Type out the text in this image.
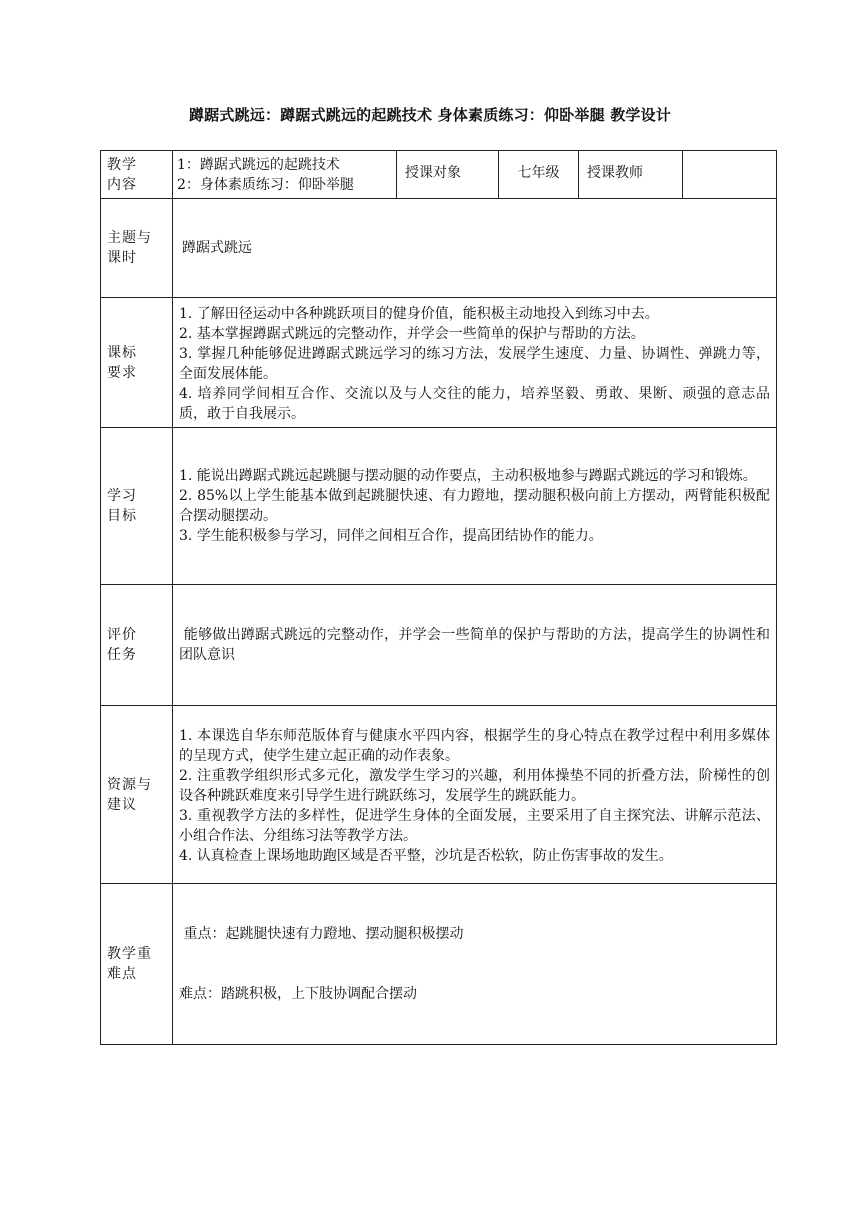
蹲踞式跳远：蹲踞式跳远的起跳技术 身体素质练习：仰卧举腿 教学设计
教学
内容	1：蹲踞式跳远的起跳技术
2：身体素质练习：仰卧举腿	授课对象	七年级	授课教师	

主题与
课时	蹲踞式跳远				

课标
要求	1. 了解田径运动中各种跳跃项目的健身价值，能积极主动地投入到练习中去。
2. 基本掌握蹲踞式跳远的完整动作，并学会一些简单的保护与帮助的方法。
3. 掌握几种能够促进蹲踞式跳远学习的练习方法，发展学生速度、力量、协调性、弹跳力等，全面发展体能。
4. 培养同学间相互合作、交流以及与人交往的能力，培养坚毅、勇敢、果断、顽强的意志品质，敢于自我展示。				

学习
目标	1. 能说出蹲踞式跳远起跳腿与摆动腿的动作要点，主动积极地参与蹲踞式跳远的学习和锻炼。
2. 85%以上学生能基本做到起跳腿快速、有力蹬地，摆动腿积极向前上方摆动，两臂能积极配合摆动腿摆动。
3. 学生能积极参与学习，同伴之间相互合作，提高团结协作的能力。				

评价
任务	能够做出蹲踞式跳远的完整动作，并学会一些简单的保护与帮助的方法，提高学生的协调性和团队意识				

资源与
建议	1. 本课选自华东师范版体育与健康水平四内容，根据学生的身心特点在教学过程中利用多媒体的呈现方式，使学生建立起正确的动作表象。
2. 注重教学组织形式多元化，激发学生学习的兴趣，利用体操垫不同的折叠方法，阶梯性的创设各种跳跃难度来引导学生进行跳跃练习，发展学生的跳跃能力。
3. 重视教学方法的多样性，促进学生身体的全面发展，主要采用了自主探究法、讲解示范法、小组合作法、分组练习法等教学方法。
4. 认真检查上课场地助跑区域是否平整，沙坑是否松软，防止伤害事故的发生。				

教学重
难点	重点：起跳腿快速有力蹬地、摆动腿积极摆动

难点：踏跳积极，上下肢协调配合摆动				
